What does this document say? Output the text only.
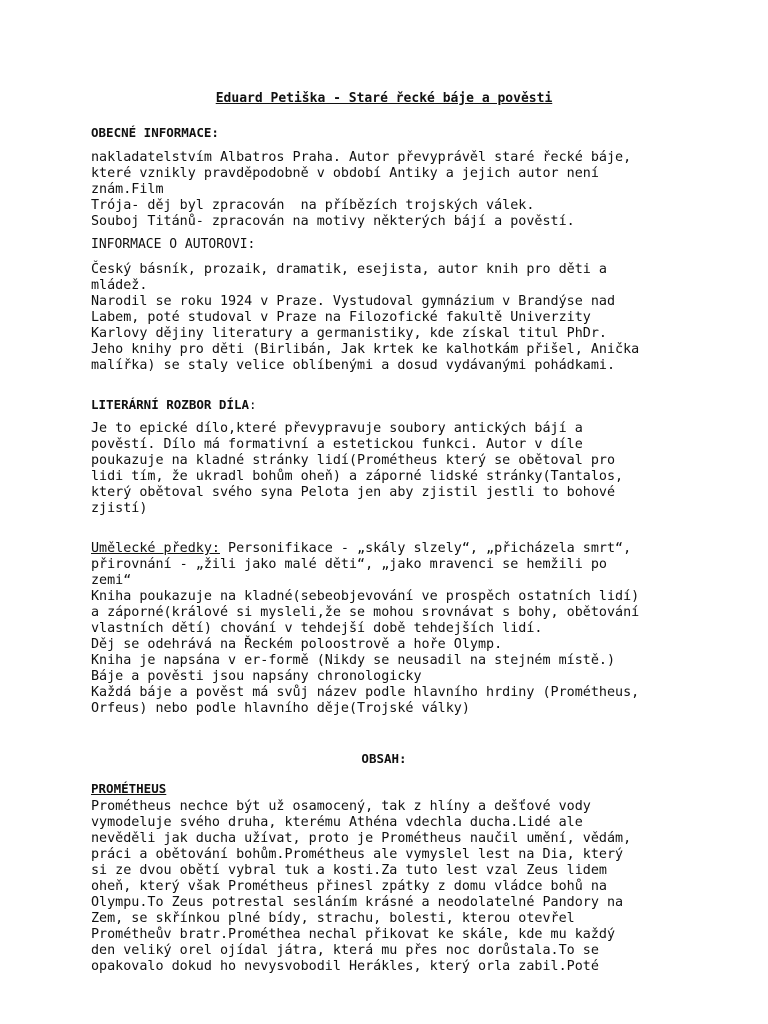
Eduard Petiška - Staré řecké báje a pověsti
OBECNÉ INFORMACE:
nakladatelstvím Albatros Praha. Autor převyprávěl staré řecké báje,
které vznikly pravděpodobně v období Antiky a jejich autor není
znám.Film
Trója- děj byl zpracován  na příbězích trojských válek.
Souboj Titánů- zpracován na motivy některých bájí a pověstí.
INFORMACE O AUTOROVI:
Český básník, prozaik, dramatik, esejista, autor knih pro děti a
mládež.
Narodil se roku 1924 v Praze. Vystudoval gymnázium v Brandýse nad
Labem, poté studoval v Praze na Filozofické fakultě Univerzity
Karlovy dějiny literatury a germanistiky, kde získal titul PhDr.
Jeho knihy pro děti (Birlibán, Jak krtek ke kalhotkám přišel, Anička
malířka) se staly velice oblíbenými a dosud vydávanými pohádkami.
LITERÁRNÍ ROZBOR DÍLA:
Je to epické dílo,které převypravuje soubory antických bájí a
pověstí. Dílo má formativní a estetickou funkci. Autor v díle
poukazuje na kladné stránky lidí(Prométheus který se obětoval pro
lidi tím, že ukradl bohům oheň) a záporné lidské stránky(Tantalos,
který obětoval svého syna Pelota jen aby zjistil jestli to bohové
zjistí)
Umělecké předky: Personifikace - „skály slzely“, „přicházela smrt“,
přirovnání - „žili jako malé děti“, „jako mravenci se hemžili po
zemi“
Kniha poukazuje na kladné(sebeobjevování ve prospěch ostatních lidí)
a záporné(králové si mysleli,že se mohou srovnávat s bohy, obětování
vlastních dětí) chování v tehdejší době tehdejších lidí.
Děj se odehrává na Řeckém poloostrově a hoře Olymp.
Kniha je napsána v er-formě (Nikdy se neusadil na stejném místě.)
Báje a pověsti jsou napsány chronologicky
Každá báje a pověst má svůj název podle hlavního hrdiny (Prométheus,
Orfeus) nebo podle hlavního děje(Trojské války)
OBSAH:
PROMÉTHEUS
Prométheus nechce být už osamocený, tak z hlíny a dešťové vody
vymodeluje svého druha, kterému Athéna vdechla ducha.Lidé ale
nevěděli jak ducha užívat, proto je Prométheus naučil umění, vědám,
práci a obětování bohům.Prométheus ale vymyslel lest na Dia, který
si ze dvou obětí vybral tuk a kosti.Za tuto lest vzal Zeus lidem
oheň, který však Prométheus přinesl zpátky z domu vládce bohů na
Olympu.To Zeus potrestal sesláním krásné a neodolatelné Pandory na
Zem, se skřínkou plné bídy, strachu, bolesti, kterou otevřel
Prométheův bratr.Prométhea nechal přikovat ke skále, kde mu každý
den veliký orel ojídal játra, která mu přes noc dorůstala.To se
opakovalo dokud ho nevysvobodil Herákles, který orla zabil.Poté
